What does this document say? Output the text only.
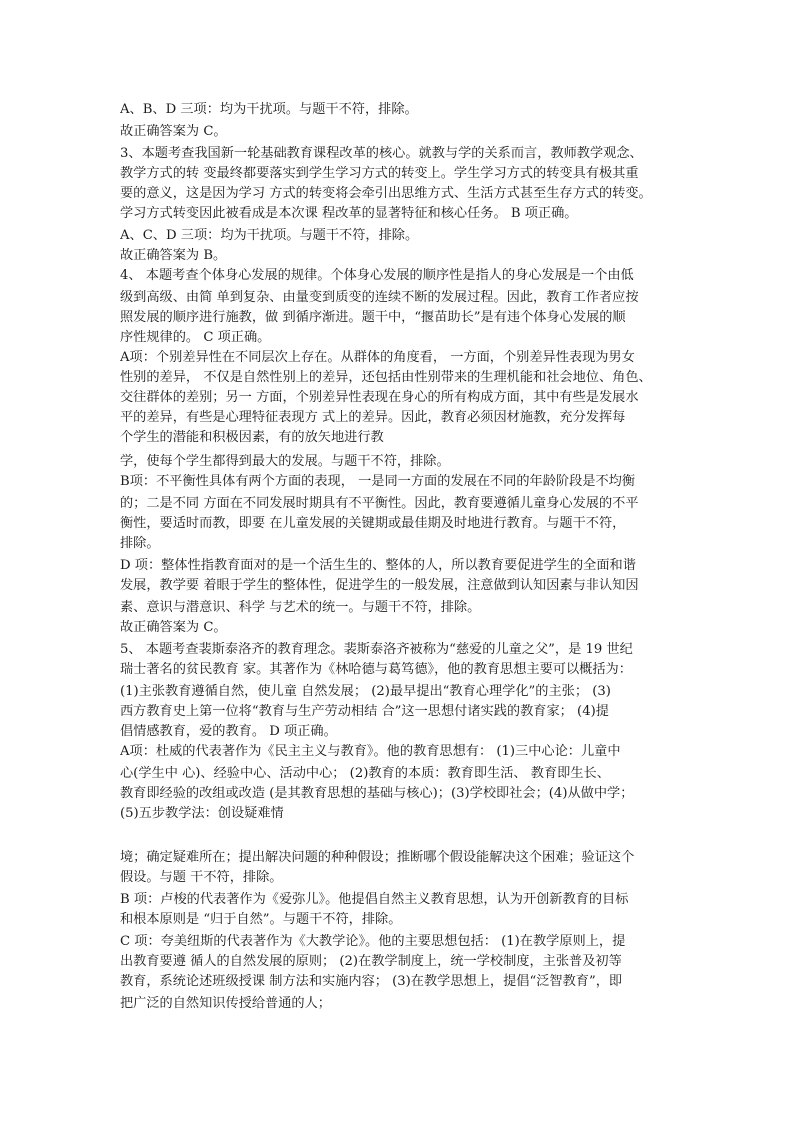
A、B、D 三项：均为干扰项。与题干不符，排除。
故正确答案为 C。
3、本题考查我国新一轮基础教育课程改革的核心。就教与学的关系而言，教师教学观念、
教学方式的转 变最终都要落实到学生学习方式的转变上。学生学习方式的转变具有极其重
要的意义，这是因为学习 方式的转变将会牵引出思维方式、生活方式甚至生存方式的转变。
学习方式转变因此被看成是本次课 程改革的显著特征和核心任务。 B 项正确。
A、C、D 三项：均为干扰项。与题干不符，排除。
故正确答案为 B。
4、 本题考查个体身心发展的规律。个体身心发展的顺序性是指人的身心发展是一个由低
级到高级、由简 单到复杂、由量变到质变的连续不断的发展过程。因此，教育工作者应按
照发展的顺序进行施教，做 到循序渐进。题干中，“揠苗助长”是有违个体身心发展的顺
序性规律的。 C 项正确。
A项：个别差异性在不同层次上存在。从群体的角度看， 一方面，个别差异性表现为男女
性别的差异， 不仅是自然性别上的差异，还包括由性别带来的生理机能和社会地位、角色、
交往群体的差别；另一 方面，个别差异性表现在身心的所有构成方面，其中有些是发展水
平的差异，有些是心理特征表现方 式上的差异。因此，教育必须因材施教，充分发挥每
个学生的潜能和积极因素，有的放矢地进行教
学，使每个学生都得到最大的发展。与题干不符，排除。
B项：不平衡性具体有两个方面的表现， 一是同一方面的发展在不同的年龄阶段是不均衡
的；二是不同 方面在不同发展时期具有不平衡性。因此，教育要遵循儿童身心发展的不平
衡性，要适时而教，即要 在儿童发展的关键期或最佳期及时地进行教育。与题干不符，
排除。
D 项：整体性指教育面对的是一个活生生的、整体的人，所以教育要促进学生的全面和谐
发展，教学要 着眼于学生的整体性，促进学生的一般发展，注意做到认知因素与非认知因
素、意识与潜意识、科学 与艺术的统一。与题干不符，排除。
故正确答案为 C。
5、 本题考查裴斯泰洛齐的教育理念。裴斯泰洛齐被称为“慈爱的儿童之父”，是 19 世纪
瑞士著名的贫民教育 家。其著作为《林哈德与葛笃德》，他的教育思想主要可以概括为：
(1)主张教育遵循自然，使儿童 自然发展； (2)最早提出“教育心理学化”的主张； (3)
西方教育史上第一位将“教育与生产劳动相结 合”这一思想付诸实践的教育家； (4)提
倡情感教育，爱的教育。 D 项正确。
A项：杜威的代表著作为《民主主义与教育》。他的教育思想有： (1)三中心论：儿童中
心(学生中 心)、经验中心、活动中心； (2)教育的本质：教育即生活、 教育即生长、
教育即经验的改组或改造 (是其教育思想的基础与核心)；(3)学校即社会；(4)从做中学；
(5)五步教学法：创设疑难情
境；确定疑难所在；提出解决问题的种种假设；推断哪个假设能解决这个困难；验证这个
假设。与题 干不符，排除。
B 项：卢梭的代表著作为《爱弥儿》。他提倡自然主义教育思想，认为开创新教育的目标
和根本原则是 “归于自然”。与题干不符，排除。
C 项：夸美纽斯的代表著作为《大教学论》。他的主要思想包括： (1)在教学原则上，提
出教育要遵 循人的自然发展的原则； (2)在教学制度上，统一学校制度，主张普及初等
教育，系统论述班级授课 制方法和实施内容； (3)在教学思想上，提倡“泛智教育”，即
把广泛的自然知识传授给普通的人；
